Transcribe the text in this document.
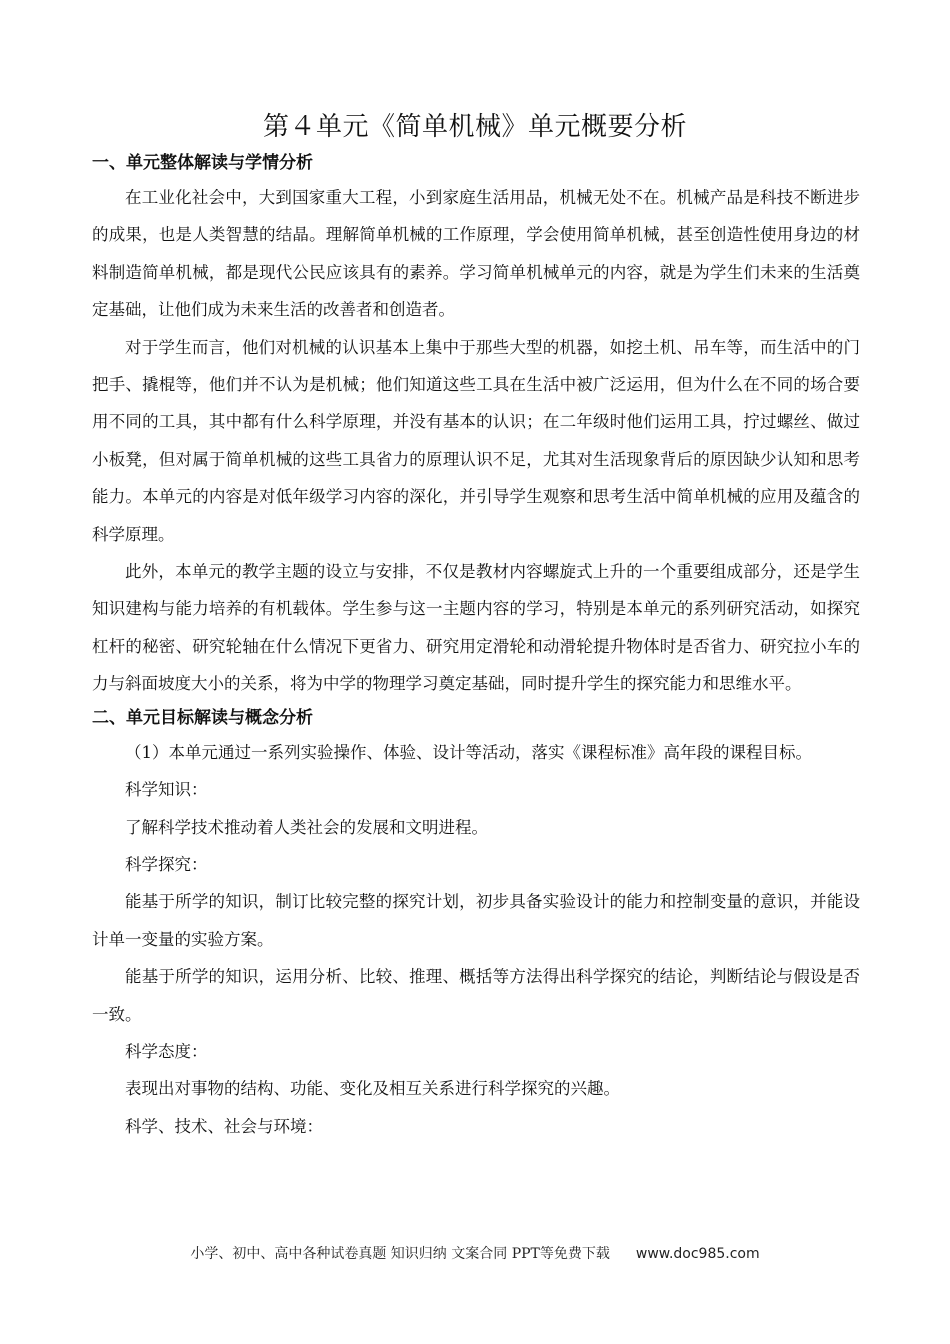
第４单元《简单机械》单元概要分析
一、单元整体解读与学情分析

在工业化社会中，大到国家重大工程，小到家庭生活用品，机械无处不在。机械产品是科技不断进步的成果，也是人类智慧的结晶。理解简单机械的工作原理，学会使用简单机械，甚至创造性使用身边的材料制造简单机械，都是现代公民应该具有的素养。学习简单机械单元的内容，就是为学生们未来的生活奠定基础，让他们成为未来生活的改善者和创造者。

对于学生而言，他们对机械的认识基本上集中于那些大型的机器，如挖土机、吊车等，而生活中的门把手、撬棍等，他们并不认为是机械；他们知道这些工具在生活中被广泛运用，但为什么在不同的场合要用不同的工具，其中都有什么科学原理，并没有基本的认识；在二年级时他们运用工具，拧过螺丝、做过小板凳，但对属于简单机械的这些工具省力的原理认识不足，尤其对生活现象背后的原因缺少认知和思考能力。本单元的内容是对低年级学习内容的深化，并引导学生观察和思考生活中简单机械的应用及蕴含的科学原理。

此外，本单元的教学主题的设立与安排，不仅是教材内容螺旋式上升的一个重要组成部分，还是学生知识建构与能力培养的有机载体。学生参与这一主题内容的学习，特别是本单元的系列研究活动，如探究杠杆的秘密、研究轮轴在什么情况下更省力、研究用定滑轮和动滑轮提升物体时是否省力、研究拉小车的力与斜面坡度大小的关系，将为中学的物理学习奠定基础，同时提升学生的探究能力和思维水平。

二、单元目标解读与概念分析

（1）本单元通过一系列实验操作、体验、设计等活动，落实《课程标准》高年段的课程目标。

科学知识：

了解科学技术推动着人类社会的发展和文明进程。

科学探究：

能基于所学的知识，制订比较完整的探究计划，初步具备实验设计的能力和控制变量的意识，并能设计单一变量的实验方案。

能基于所学的知识，运用分析、比较、推理、概括等方法得出科学探究的结论，判断结论与假设是否一致。

科学态度：

表现出对事物的结构、功能、变化及相互关系进行科学探究的兴趣。

科学、技术、社会与环境：

小学、初中、高中各种试卷真题 知识归纳 文案合同 PPT等免费下载 www.doc985.com
